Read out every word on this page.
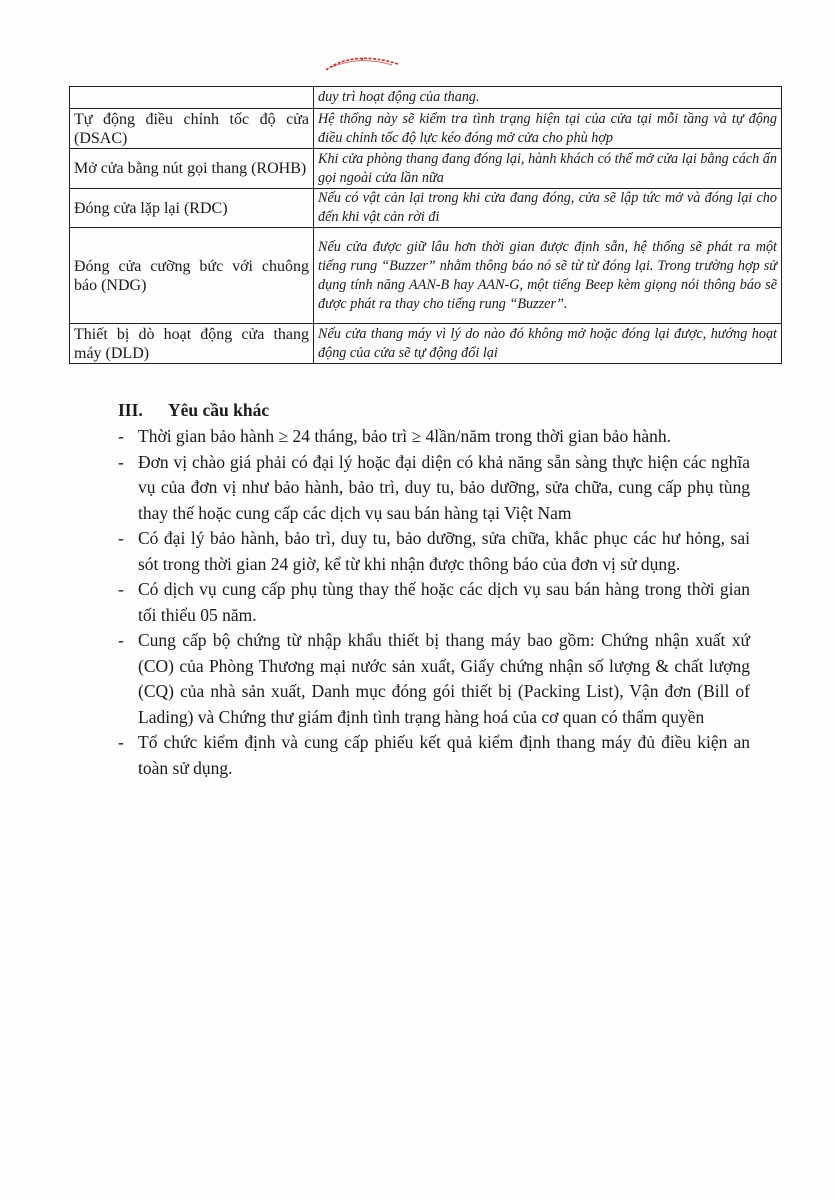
	duy trì hoạt động của thang.
Tự động điều chỉnh tốc độ cửa (DSAC)	Hệ thống này sẽ kiểm tra tình trạng hiện tại của cửa tại mỗi tầng và tự động điều chỉnh tốc độ lực kéo đóng mở cửa cho phù hợp
Mở cửa bằng nút gọi thang (ROHB)	Khi cửa phòng thang đang đóng lại, hành khách có thể mở cửa lại bằng cách ấn gọi ngoài cửa lần nữa
Đóng cửa lặp lại (RDC)	Nếu có vật cản lại trong khi cửa đang đóng, cửa sẽ lập tức mở và đóng lại cho đến khi vật cản rời đi
Đóng cửa cưỡng bức với chuông báo (NDG)	Nếu cửa được giữ lâu hơn thời gian được định sẵn, hệ thống sẽ phát ra một tiếng rung “Buzzer” nhằm thông báo nó sẽ từ từ đóng lại. Trong trường hợp sử dụng tính năng AAN-B hay AAN-G, một tiếng Beep kèm giọng nói thông báo sẽ được phát ra thay cho tiếng rung “Buzzer”.
Thiết bị dò hoạt động cửa thang máy (DLD)	Nếu cửa thang máy vì lý do nào đó không mở hoặc đóng lại được, hướng hoạt động của cửa sẽ tự động đổi lại
III. Yêu cầu khác
- Thời gian bảo hành ≥ 24 tháng, bảo trì ≥ 4lần/năm trong thời gian bảo hành.
- Đơn vị chào giá phải có đại lý hoặc đại diện có khả năng sẵn sàng thực hiện các nghĩa vụ của đơn vị như bảo hành, bảo trì, duy tu, bảo dưỡng, sửa chữa, cung cấp phụ tùng thay thế hoặc cung cấp các dịch vụ sau bán hàng tại Việt Nam
- Có đại lý bảo hành, bảo trì, duy tu, bảo dưỡng, sửa chữa, khắc phục các hư hỏng, sai sót trong thời gian 24 giờ, kể từ khi nhận được thông báo của đơn vị sử dụng.
- Có dịch vụ cung cấp phụ tùng thay thế hoặc các dịch vụ sau bán hàng trong thời gian tối thiểu 05 năm.
- Cung cấp bộ chứng từ nhập khẩu thiết bị thang máy bao gồm: Chứng nhận xuất xứ (CO) của Phòng Thương mại nước sản xuất, Giấy chứng nhận số lượng & chất lượng (CQ) của nhà sản xuất, Danh mục đóng gói thiết bị (Packing List), Vận đơn (Bill of Lading) và Chứng thư giám định tình trạng hàng hoá của cơ quan có thẩm quyền
- Tổ chức kiểm định và cung cấp phiếu kết quả kiểm định thang máy đủ điều kiện an toàn sử dụng.
